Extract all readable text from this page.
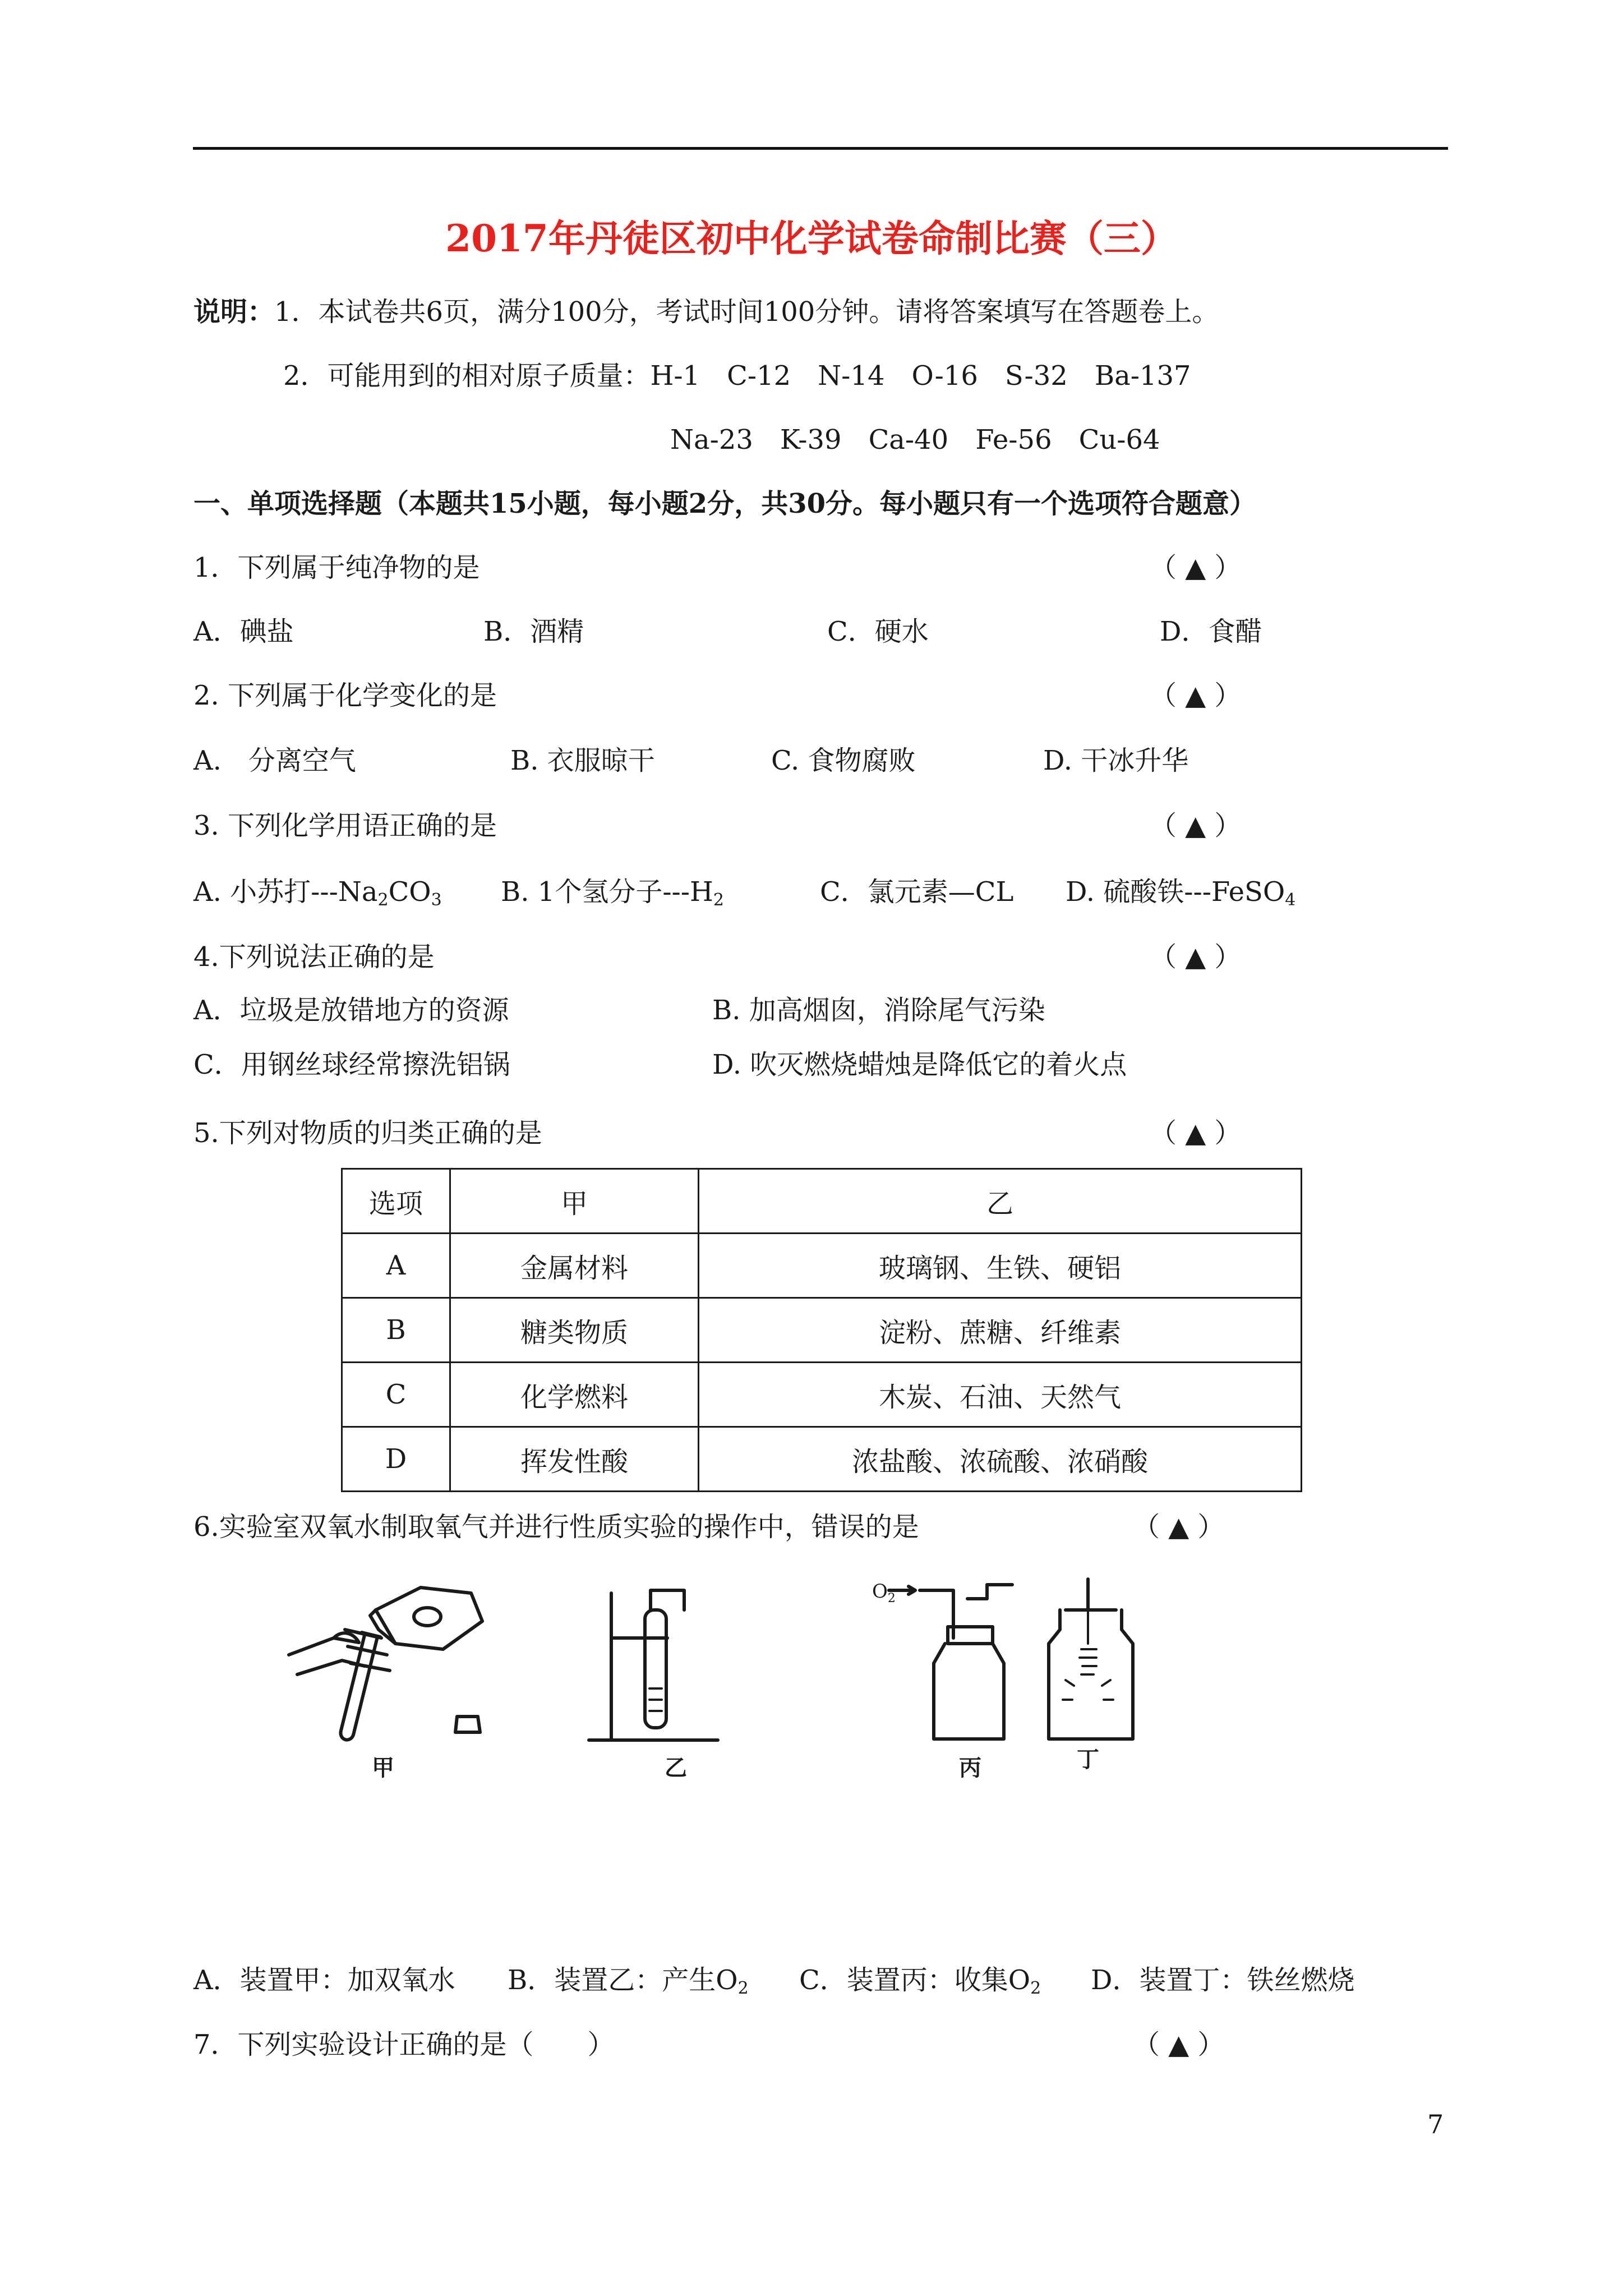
2017年丹徒区初中化学试卷命制比赛（三）
说明：1．本试卷共6页，满分100分，考试时间100分钟。请将答案填写在答题卷上。
2．可能用到的相对原子质量：H-1　C-12　N-14　O-16　S-32　Ba-137
Na-23　K-39　Ca-40　Fe-56　Cu-64
一、单项选择题（本题共15小题，每小题2分，共30分。每小题只有一个选项符合题意）
1．下列属于纯净物的是	（ ▲ ）
A．碘盐	B．酒精	C．硬水	D．食醋
2. 下列属于化学变化的是	（ ▲ ）
A.　分离空气	B. 衣服晾干	C. 食物腐败	D. 干冰升华
3. 下列化学用语正确的是	（ ▲ ）
A. 小苏打$---Na_2CO_3$ B. 1个氢分子$---H_2$	C．氯元素—CL D. 硫酸铁---FeSO$_4$
4.下列说法正确的是	（ ▲ ）
A．垃圾是放错地方的资源	B. 加高烟囱，消除尾气污染
C．用钢丝球经常擦洗铝锅	D. 吹灭燃烧蜡烛是降低它的着火点
5.下列对物质的归类正确的是	（ ▲ ）
选项	甲	乙
A	金属材料	玻璃钢、生铁、硬铝
B	糖类物质	淀粉、蔗糖、纤维素
C	化学燃料	木炭、石油、天然气
D	挥发性酸	浓盐酸、浓硫酸、浓硝酸
6.实验室双氧水制取氧气并进行性质实验的操作中，错误的是	（ ▲ ）
$O_2$
甲	乙	丙	丁
A．装置甲：加双氧水 B．装置乙：产生$O_2$ C．装置丙：收集$O_2$ D．装置丁：铁丝燃烧
7．下列实验设计正确的是（　　）	（ ▲ ）
7
